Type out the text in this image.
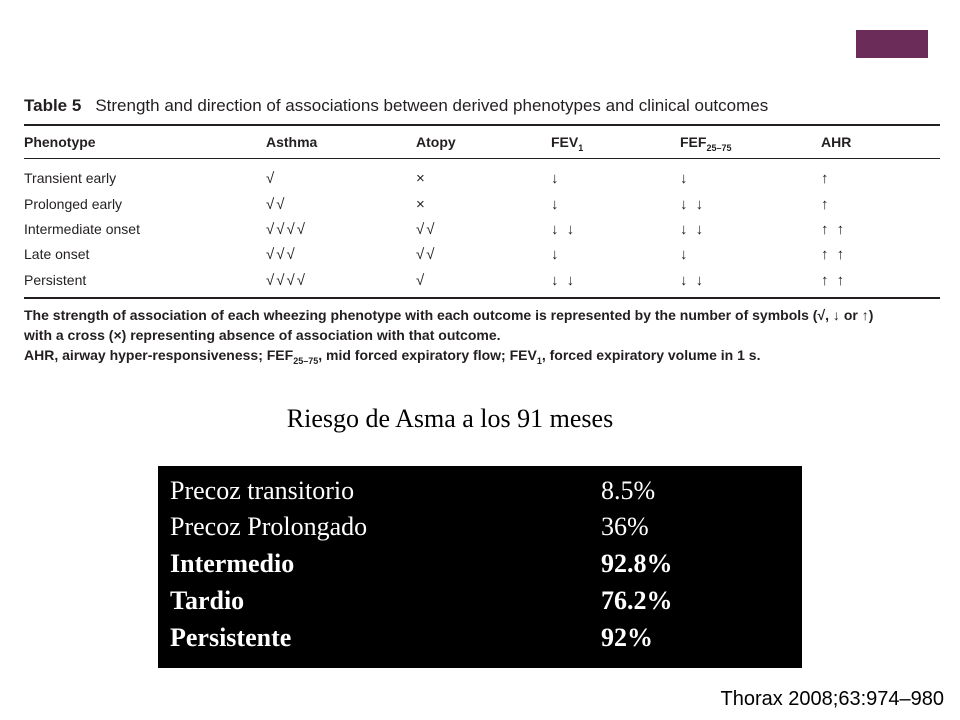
Table 5 Strength and direction of associations between derived phenotypes and clinical outcomes
Phenotype	Asthma	Atopy	$FEV_1$	$FEF_{25-75}$	AHR
Transient early	√	×	↓	↓	↑
Prolonged early	√√	×	↓	↓ ↓	↑
Intermediate onset	√√√√	√√	↓ ↓	↓ ↓	↑ ↑
Late onset	√√√	√√	↓	↓	↑ ↑
Persistent	√√√√	√	↓ ↓	↓ ↓	↑ ↑
The strength of association of each wheezing phenotype with each outcome is represented by the number of symbols (√, ↓ or ↑)
with a cross (×) representing absence of association with that outcome.
AHR, airway hyper-responsiveness; $FEF_{25-75}$, mid forced expiratory flow; $FEV_1$, forced expiratory volume in 1 s.
Riesgo de Asma a los 91 meses
Precoz transitorio	8.5%
Precoz Prolongado	36%
Intermedio	92.8%
Tardio	76.2%
Persistente	92%
Thorax 2008;63:974–980
